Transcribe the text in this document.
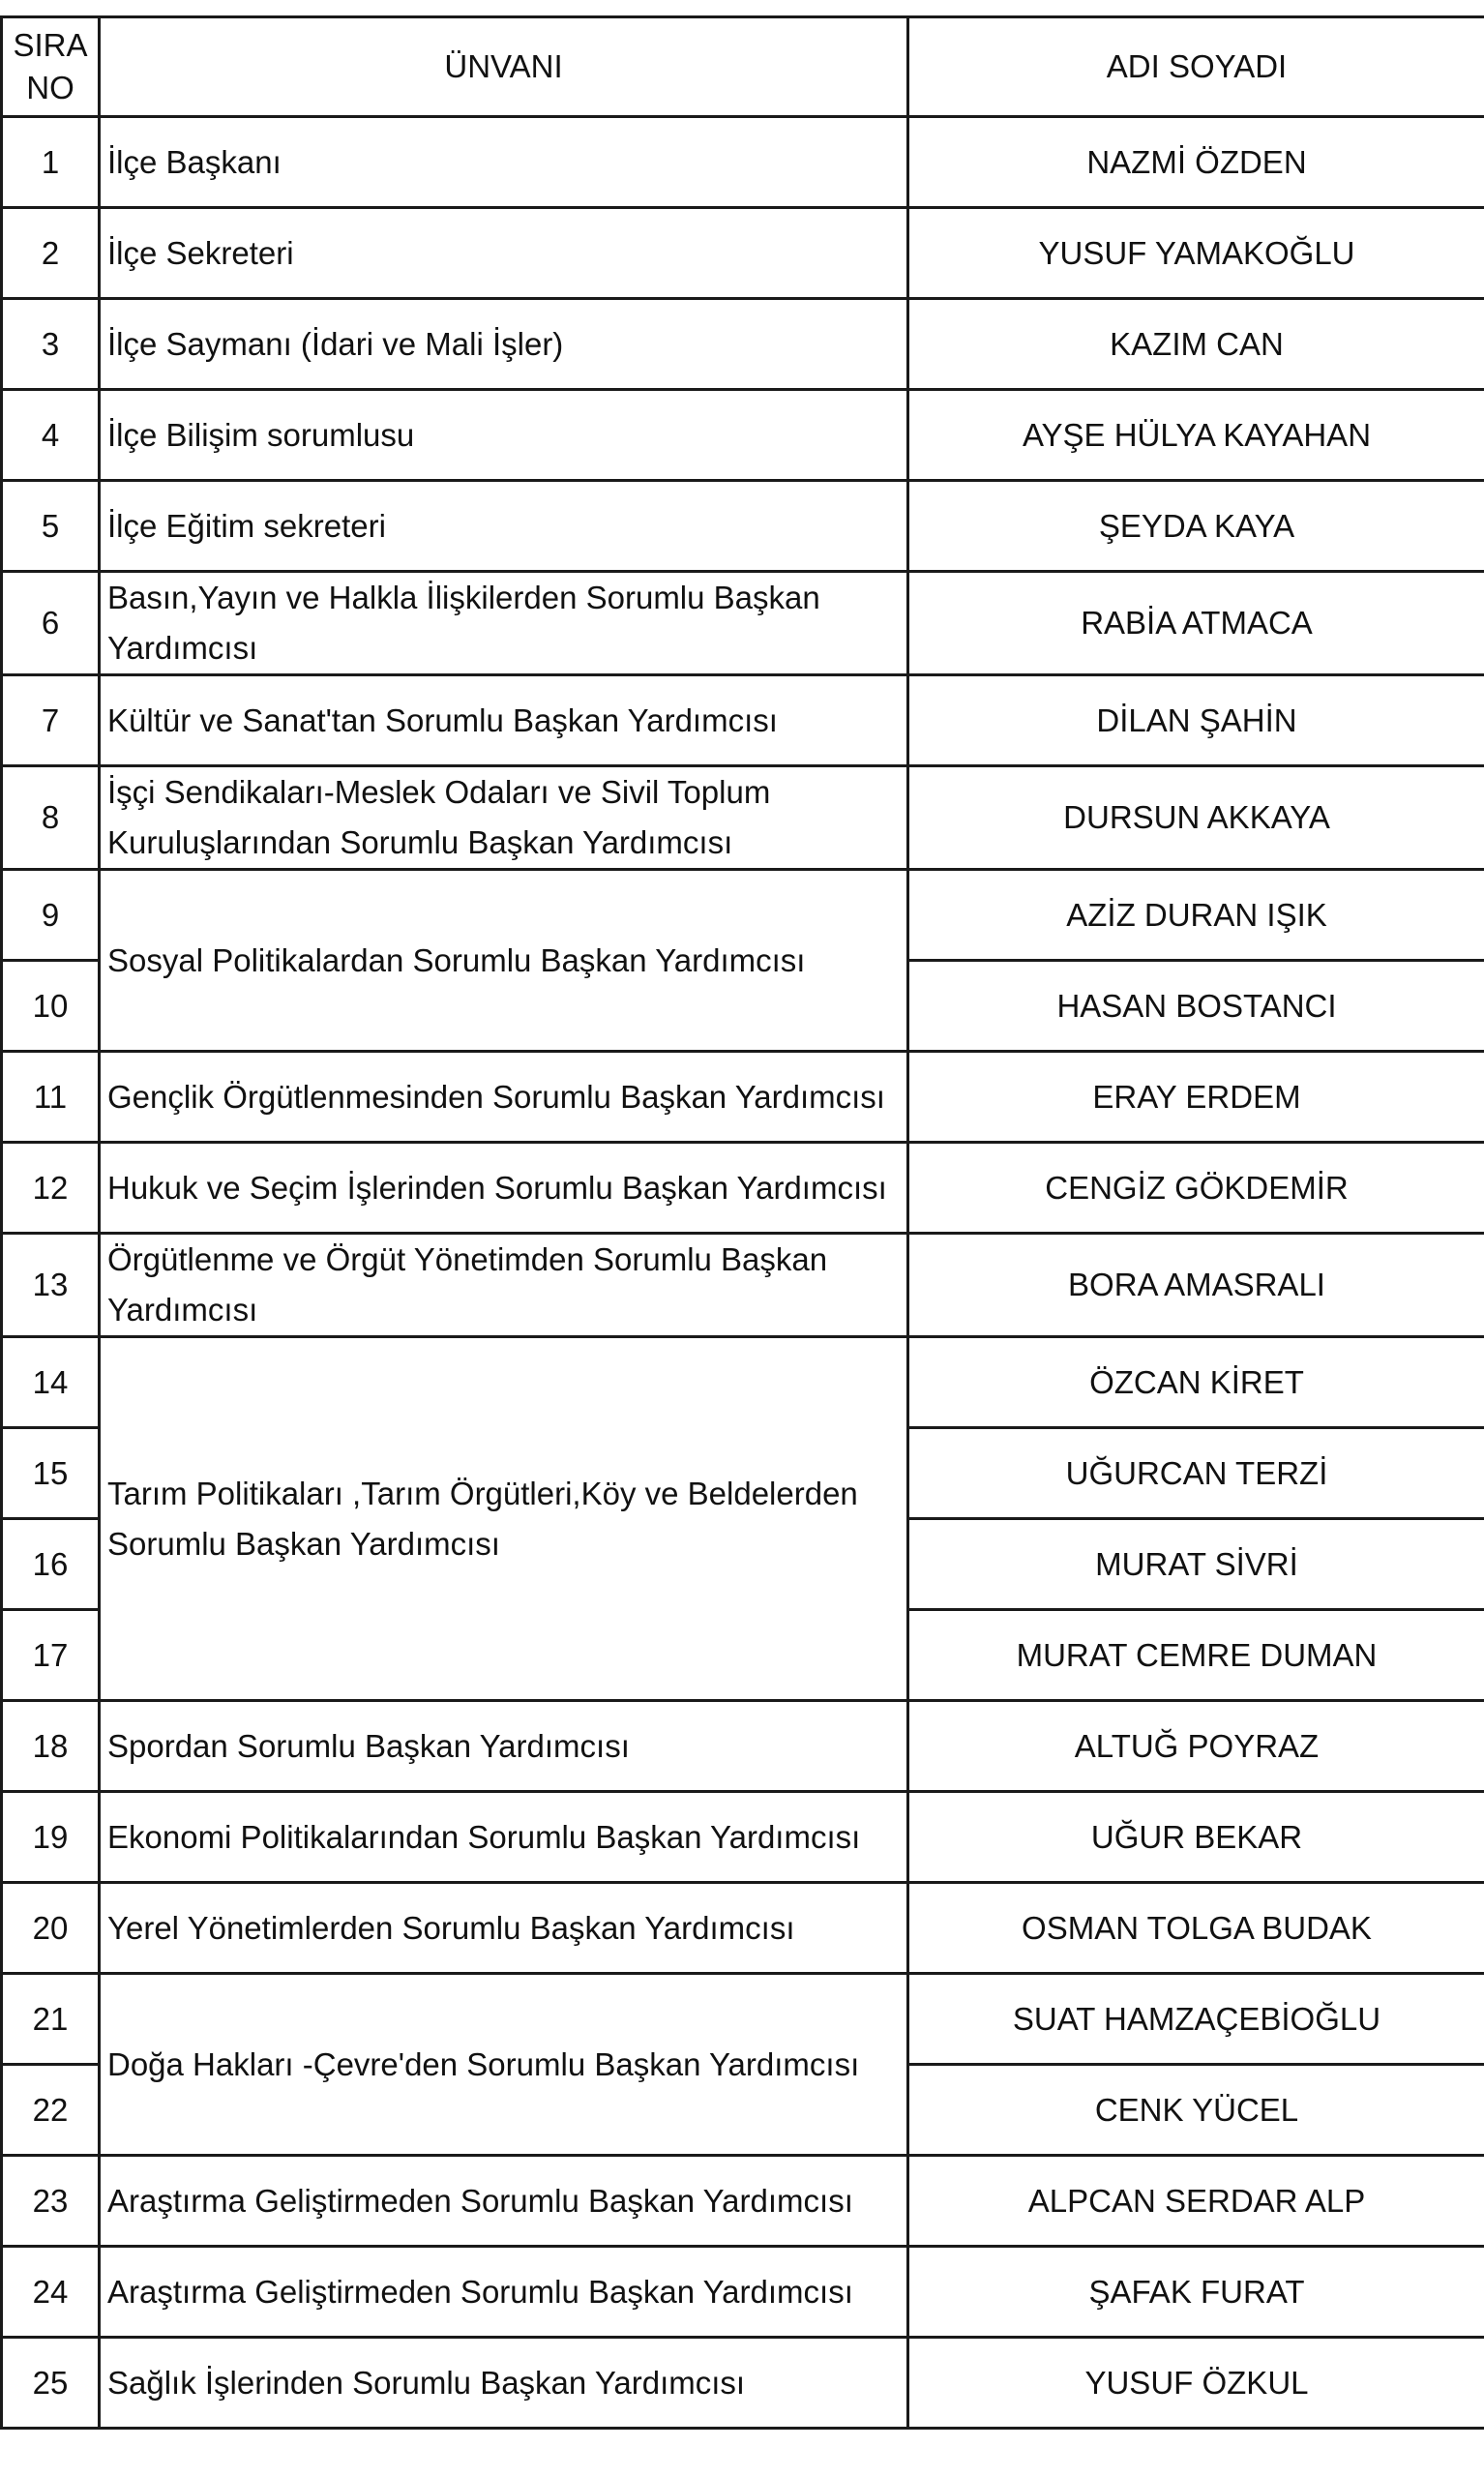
SIRA NO	ÜNVANI	ADI SOYADI
1	İlçe Başkanı	NAZMİ ÖZDEN
2	İlçe Sekreteri	YUSUF YAMAKOĞLU
3	İlçe Saymanı (İdari ve Mali İşler)	KAZIM CAN
4	İlçe Bilişim sorumlusu	AYŞE HÜLYA KAYAHAN
5	İlçe Eğitim sekreteri	ŞEYDA KAYA
6	Basın,Yayın ve Halkla İlişkilerden Sorumlu Başkan Yardımcısı	RABİA ATMACA
7	Kültür ve Sanat'tan Sorumlu Başkan Yardımcısı	DİLAN ŞAHİN
8	İşçi Sendikaları-Meslek Odaları ve Sivil Toplum Kuruluşlarından Sorumlu Başkan Yardımcısı	DURSUN AKKAYA
9	Sosyal Politikalardan Sorumlu Başkan Yardımcısı	AZİZ DURAN IŞIK
10		HASAN BOSTANCI
11	Gençlik Örgütlenmesinden Sorumlu Başkan Yardımcısı	ERAY ERDEM
12	Hukuk ve Seçim İşlerinden Sorumlu Başkan Yardımcısı	CENGİZ GÖKDEMİR
13	Örgütlenme ve Örgüt Yönetimden Sorumlu Başkan Yardımcısı	BORA AMASRALI
14	Tarım Politikaları ,Tarım Örgütleri,Köy ve Beldelerden Sorumlu Başkan Yardımcısı	ÖZCAN KİRET
15		UĞURCAN TERZİ
16		MURAT SİVRİ
17		MURAT CEMRE DUMAN
18	Spordan Sorumlu Başkan Yardımcısı	ALTUĞ POYRAZ
19	Ekonomi Politikalarından Sorumlu Başkan Yardımcısı	UĞUR BEKAR
20	Yerel Yönetimlerden Sorumlu Başkan Yardımcısı	OSMAN TOLGA BUDAK
21	Doğa Hakları -Çevre'den Sorumlu Başkan Yardımcısı	SUAT HAMZAÇEBİOĞLU
22		CENK YÜCEL
23	Araştırma Geliştirmeden Sorumlu Başkan Yardımcısı	ALPCAN SERDAR ALP
24	Araştırma Geliştirmeden Sorumlu Başkan Yardımcısı	ŞAFAK FURAT
25	Sağlık İşlerinden Sorumlu Başkan Yardımcısı	YUSUF ÖZKUL
